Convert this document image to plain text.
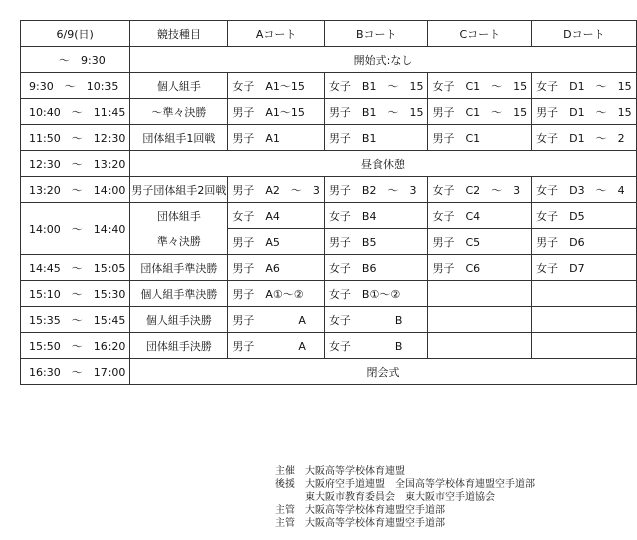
6/9(日)	競技種目	Aコート	Bコート	Cコート	Dコート
〜　9:30	開始式:なし				
9:30　〜　10:35	個人組手	女子　A1〜15	女子　B1　〜　15	女子　C1　〜　15	女子　D1　〜　15
10:40　〜　11:45	〜準々決勝	男子　A1〜15	男子　B1　〜　15	男子　C1　〜　15	男子　D1　〜　15
11:50　〜　12:30	団体組手1回戦	男子　A1	男子　B1	男子　C1	女子　D1　〜　2
12:30　〜　13:20	昼食休憩				
13:20　〜　14:00	男子団体組手2回戦	男子　A2　〜　3	男子　B2　〜　3	女子　C2　〜　3	女子　D3　〜　4
14:00　〜　14:40	団体組手	女子　A4	女子　B4	女子　C4	女子　D5
	準々決勝	男子　A5	男子　B5	男子　C5	男子　D6
14:45　〜　15:05	団体組手準決勝	男子　A6	女子　B6	男子　C6	女子　D7
15:10　〜　15:30	個人組手準決勝	男子　A①〜②	女子　B①〜②		
15:35　〜　15:45	個人組手決勝	男子　　　　A	女子　　　　B		
15:50　〜　16:20	団体組手決勝	男子　　　　A	女子　　　　B		
16:30　〜　17:00	閉会式				
主催	大阪高等学校体育連盟
後援	大阪府空手道連盟　全国高等学校体育連盟空手道部
東大阪市教育委員会　東大阪市空手道協会
主管	大阪高等学校体育連盟空手道部
主管	大阪高等学校体育連盟空手道部
